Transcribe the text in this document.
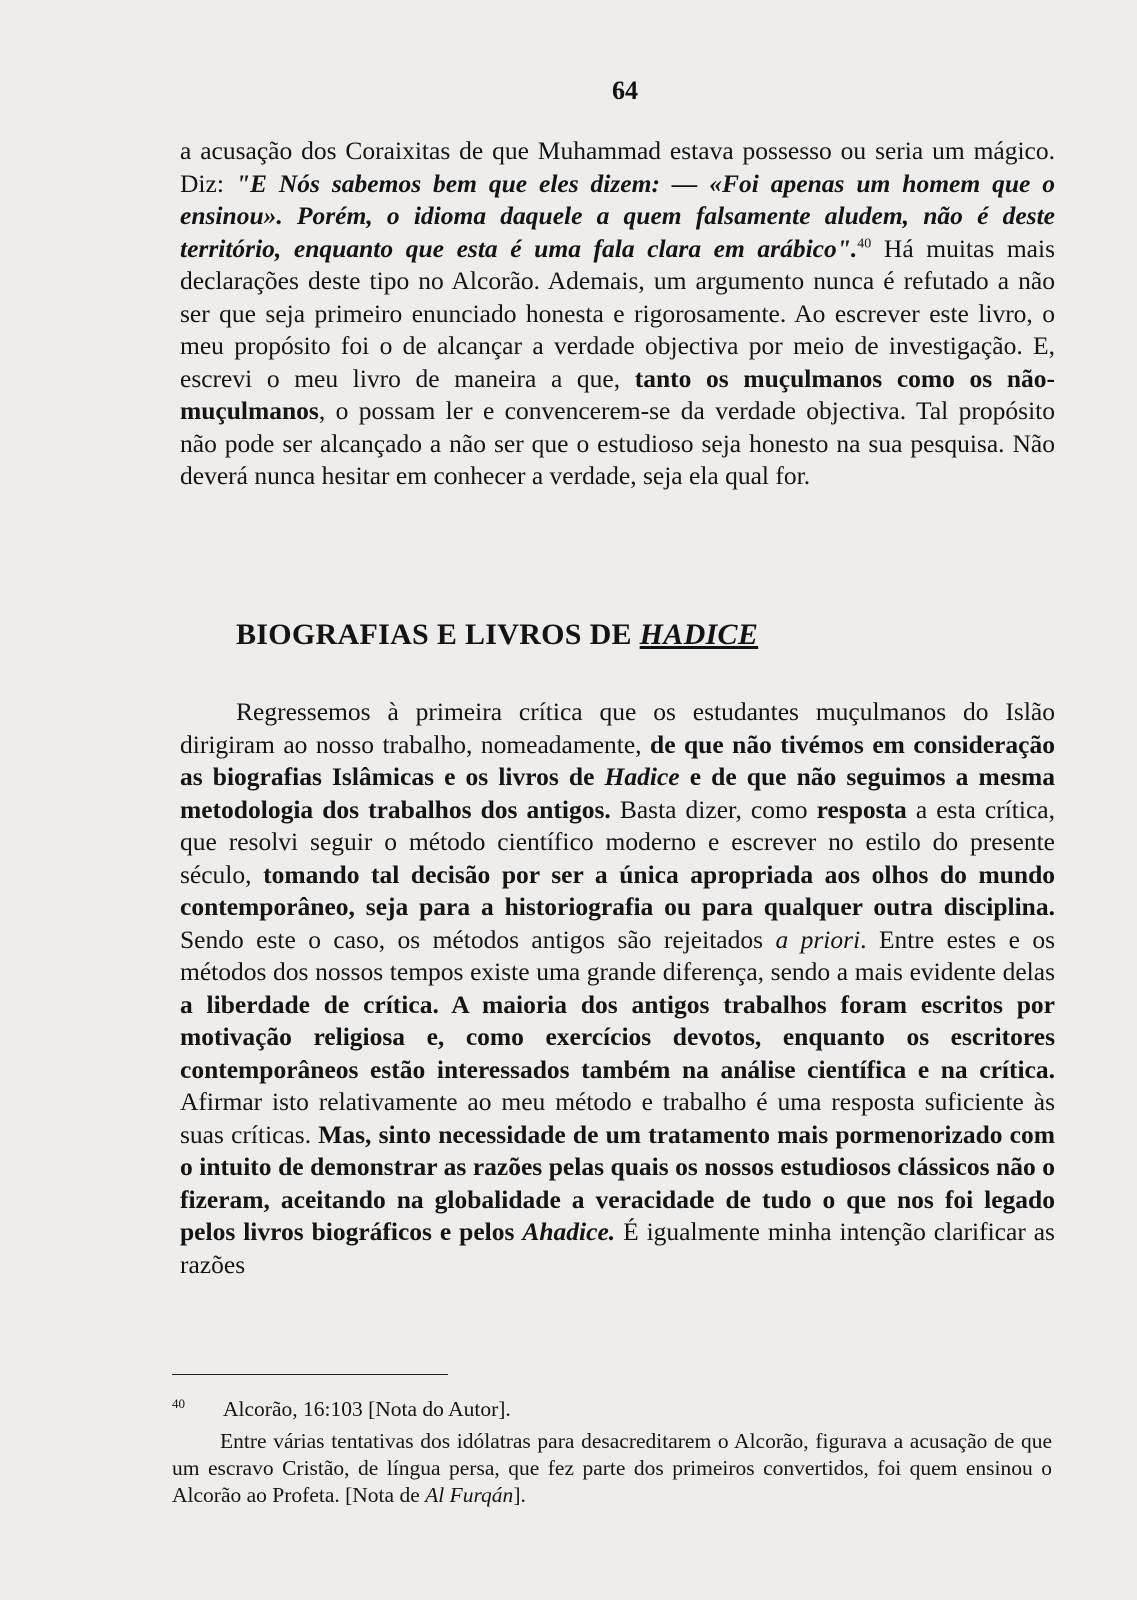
64
a acusação dos Coraixitas de que Muhammad estava possesso ou seria um mágico. Diz: "E Nós sabemos bem que eles dizem: — «Foi apenas um homem que o ensinou». Porém, o idioma daquele a quem falsamente aludem, não é deste território, enquanto que esta é uma fala clara em arábico".$^{40}$ Há muitas mais declarações deste tipo no Alcorão. Ademais, um argumento nunca é refutado a não ser que seja primeiro enunciado honesta e rigorosamente. Ao escrever este livro, o meu propósito foi o de alcançar a verdade objectiva por meio de investigação. E, escrevi o meu livro de maneira a que, tanto os muçulmanos como os não-muçulmanos, o possam ler e convencerem-se da verdade objectiva. Tal propósito não pode ser alcançado a não ser que o estudioso seja honesto na sua pesquisa. Não deverá nunca hesitar em conhecer a verdade, seja ela qual for.
BIOGRAFIAS E LIVROS DE HADICE
Regressemos à primeira crítica que os estudantes muçulmanos do Islão dirigiram ao nosso trabalho, nomeadamente, de que não tivémos em consideração as biografias Islâmicas e os livros de Hadice e de que não seguimos a mesma metodologia dos trabalhos dos antigos. Basta dizer, como resposta a esta crítica, que resolvi seguir o método científico moderno e escrever no estilo do presente século, tomando tal decisão por ser a única apropriada aos olhos do mundo contemporâneo, seja para a historiografia ou para qualquer outra disciplina. Sendo este o caso, os métodos antigos são rejeitados a priori. Entre estes e os métodos dos nossos tempos existe uma grande diferença, sendo a mais evidente delas a liberdade de crítica. A maioria dos antigos trabalhos foram escritos por motivação religiosa e, como exercícios devotos, enquanto os escritores contemporâneos estão interessados também na análise científica e na crítica. Afirmar isto relativamente ao meu método e trabalho é uma resposta suficiente às suas críticas. Mas, sinto necessidade de um tratamento mais pormenorizado com o intuito de demonstrar as razões pelas quais os nossos estudiosos clássicos não o fizeram, aceitando na globalidade a veracidade de tudo o que nos foi legado pelos livros biográficos e pelos Ahadice. É igualmente minha intenção clarificar as razões
$^{40}$ Alcorão, 16:103 [Nota do Autor].
Entre várias tentativas dos idólatras para desacreditarem o Alcorão, figurava a acusação de que um escravo Cristão, de língua persa, que fez parte dos primeiros convertidos, foi quem ensinou o Alcorão ao Profeta. [Nota de Al Furqán].
